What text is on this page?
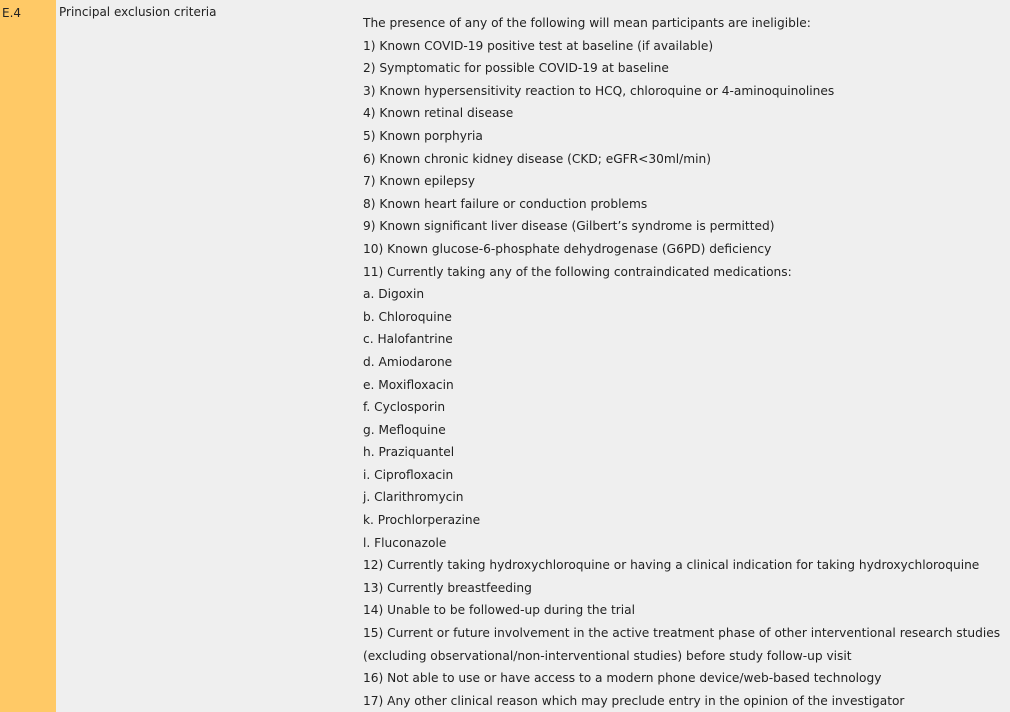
E.4	Principal exclusion criteria
The presence of any of the following will mean participants are ineligible:
1) Known COVID-19 positive test at baseline (if available)
2) Symptomatic for possible COVID-19 at baseline
3) Known hypersensitivity reaction to HCQ, chloroquine or 4-aminoquinolines
4) Known retinal disease
5) Known porphyria
6) Known chronic kidney disease (CKD; eGFR<30ml/min)
7) Known epilepsy
8) Known heart failure or conduction problems
9) Known significant liver disease (Gilbert’s syndrome is permitted)
10) Known glucose-6-phosphate dehydrogenase (G6PD) deficiency
11) Currently taking any of the following contraindicated medications:
a. Digoxin
b. Chloroquine
c. Halofantrine
d. Amiodarone
e. Moxifloxacin
f. Cyclosporin
g. Mefloquine
h. Praziquantel
i. Ciprofloxacin
j. Clarithromycin
k. Prochlorperazine
l. Fluconazole
12) Currently taking hydroxychloroquine or having a clinical indication for taking hydroxychloroquine
13) Currently breastfeeding
14) Unable to be followed-up during the trial
15) Current or future involvement in the active treatment phase of other interventional research studies
(excluding observational/non-interventional studies) before study follow-up visit
16) Not able to use or have access to a modern phone device/web-based technology
17) Any other clinical reason which may preclude entry in the opinion of the investigator
